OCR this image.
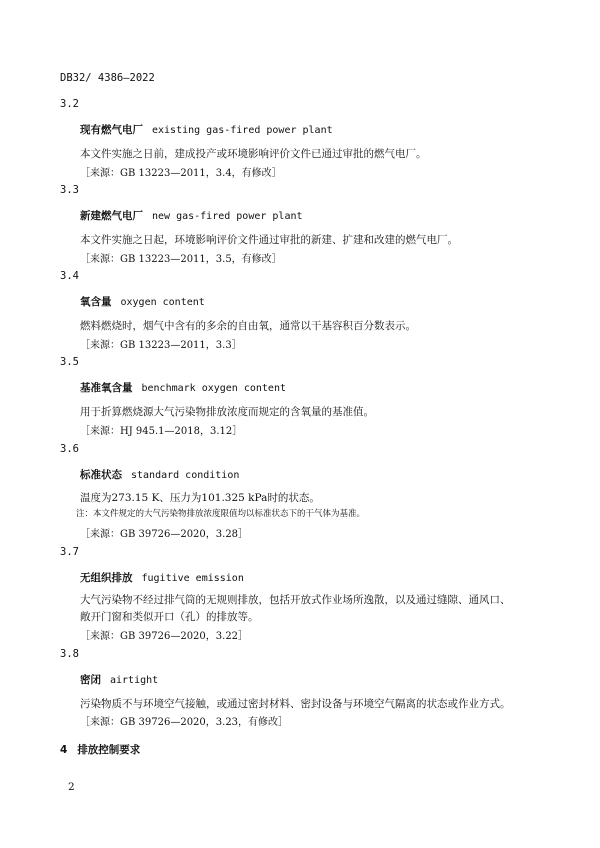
DB32/ 4386—2022
3.2
现有燃气电厂 existing gas-fired power plant
本文件实施之日前，建成投产或环境影响评价文件已通过审批的燃气电厂。
［来源：GB 13223—2011，3.4，有修改］
3.3
新建燃气电厂 new gas-fired power plant
本文件实施之日起，环境影响评价文件通过审批的新建、扩建和改建的燃气电厂。
［来源：GB 13223—2011，3.5，有修改］
3.4
氧含量 oxygen content
燃料燃烧时，烟气中含有的多余的自由氧，通常以干基容积百分数表示。
［来源：GB 13223—2011，3.3］
3.5
基准氧含量 benchmark oxygen content
用于折算燃烧源大气污染物排放浓度而规定的含氧量的基准值。
［来源：HJ 945.1—2018，3.12］
3.6
标准状态 standard condition
温度为273.15 K、压力为101.325 kPa时的状态。
注：本文件规定的大气污染物排放浓度限值均以标准状态下的干气体为基准。
［来源：GB 39726—2020，3.28］
3.7
无组织排放 fugitive emission
大气污染物不经过排气筒的无规则排放，包括开放式作业场所逸散，以及通过缝隙、通风口、敞开门窗和类似开口（孔）的排放等。
［来源：GB 39726—2020，3.22］
3.8
密闭 airtight
污染物质不与环境空气接触，或通过密封材料、密封设备与环境空气隔离的状态或作业方式。
［来源：GB 39726—2020，3.23，有修改］
4 排放控制要求
2
